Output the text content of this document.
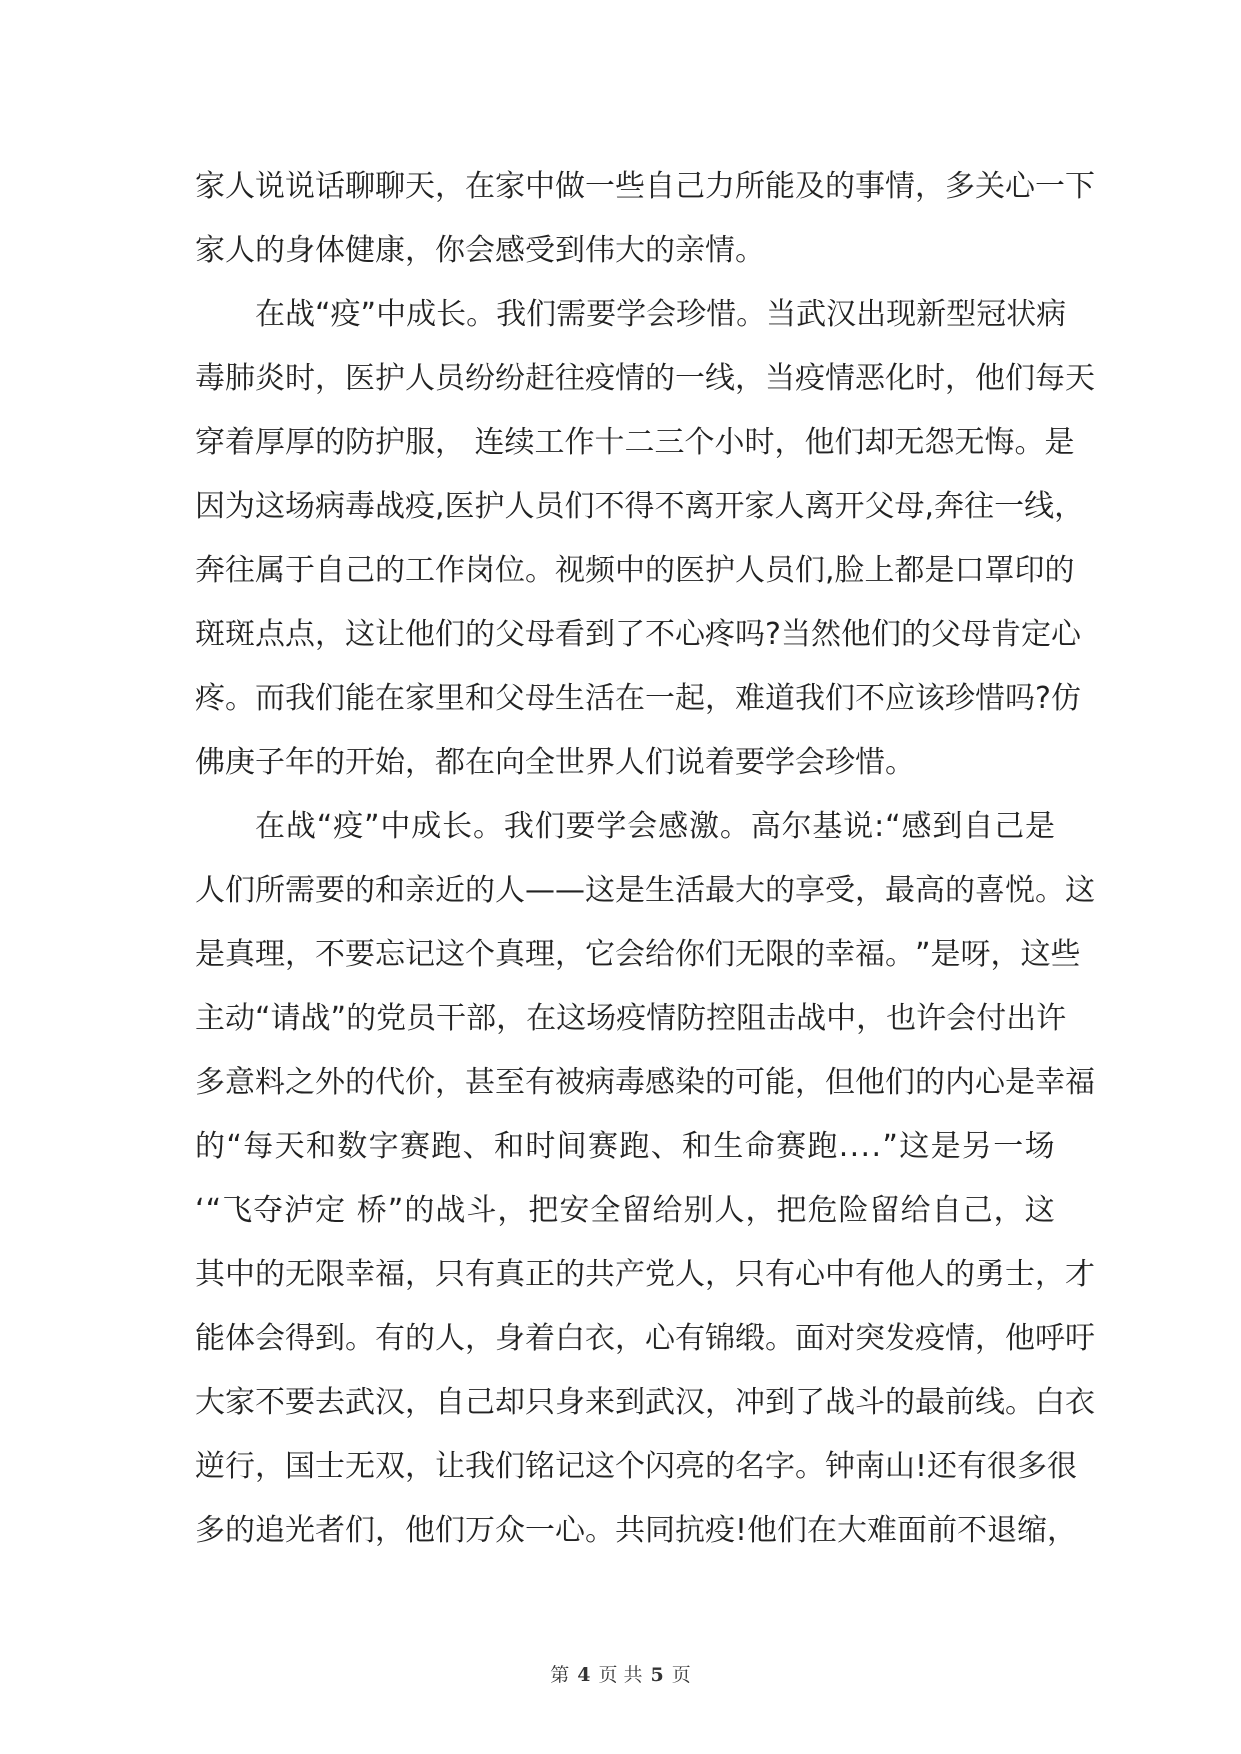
家 人 说 说 话 聊 聊 天 ， 在 家 中 做 一 些 自 己 力 所 能 及 的 事 情 ， 多 关 心 一 下
家人的身体健康，你会感受到伟大的亲情。
在 战 “ 疫 ” 中 成 长 。 我 们 需 要 学 会 珍 惜 。 当 武 汉 出 现 新 型 冠 状 病
毒 肺 炎 时 ， 医 护 人 员 纷 纷 赶 往 疫 情 的 一 线 ， 当 疫 情 恶 化 时 ， 他 们 每 天
穿 着 厚 厚 的 防 护 服 ，
连 续 工 作 十 二 三 个 小 时 ， 他 们 却 无 怨 无 悔 。 是
因 为 这 场 病 毒 战 疫 , 医 护 人 员 们 不 得 不 离 开 家 人 离 开 父 母 , 奔 往 一 线 ，
奔 往 属 于 自 己 的 工 作 岗 位 。 视 频 中 的 医 护 人 员 们 , 脸 上 都 是 口 罩 印 的
斑 斑 点 点 ， 这 让 他 们 的 父 母 看 到 了 不 心 疼 吗 ? 当 然 他 们 的 父 母 肯 定 心
疼 。 而 我 们 能 在 家 里 和 父 母 生 活 在 一 起 ， 难 道 我 们 不 应 该 珍 惜 吗 ? 仿
佛庚子年的开始，都在向全世界人们说着要学会珍惜。
在 战 “ 疫 ” 中 成 长 。 我 们 要 学 会 感 激 。 高 尔 基 说 : “ 感 到 自 己 是
人 们 所 需 要 的 和 亲 近 的 人 — — 这 是 生 活 最 大 的 享 受 ， 最 高 的 喜 悦 。 这
是 真 理 ， 不 要 忘 记 这 个 真 理 ， 它 会 给 你 们 无 限 的 幸 福 。 ” 是 呀 ， 这 些
主 动 “ 请 战 ” 的 党 员 干 部 ， 在 这 场 疫 情 防 控 阻 击 战 中 ， 也 许 会 付 出 许
多 意 料 之 外 的 代 价 ， 甚 至 有 被 病 毒 感 染 的 可 能 ， 但 他 们 的 内 心 是 幸 福
的 “ 每 天 和 数 字 赛 跑 、 和 时 间 赛 跑 、 和 生 命 赛 跑 . . . . ” 这 是 另 一 场
‘ “ 飞 夺 泸 定
桥 ” 的 战 斗 ， 把 安 全 留 给 别 人 ， 把 危 险 留 给 自 己 ， 这
其 中 的 无 限 幸 福 ， 只 有 真 正 的 共 产 党 人 ， 只 有 心 中 有 他 人 的 勇 士 ， 才
能 体 会 得 到 。 有 的 人 ， 身 着 白 衣 ， 心 有 锦 缎 。 面 对 突 发 疫 情 ， 他 呼 吁
大 家 不 要 去 武 汉 ， 自 己 却 只 身 来 到 武 汉 ， 冲 到 了 战 斗 的 最 前 线 。 白 衣
逆 行 ， 国 士 无 双 ， 让 我 们 铭 记 这 个 闪 亮 的 名 字 。 钟 南 山 ! 还 有 很 多 很
多 的 追 光 者 们 ， 他 们 万 众 一 心 。 共 同 抗 疫 ! 他 们 在 大 难 面 前 不 退 缩 ，
第 4 页 共 5 页
